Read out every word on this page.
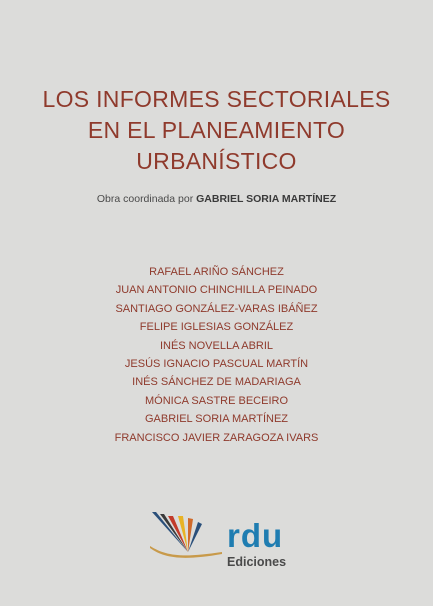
LOS INFORMES SECTORIALES
EN EL PLANEAMIENTO
URBANÍSTICO
Obra coordinada por GABRIEL SORIA MARTÍNEZ
RAFAEL ARIÑO SÁNCHEZ
JUAN ANTONIO CHINCHILLA PEINADO
SANTIAGO GONZÁLEZ-VARAS IBÁÑEZ
FELIPE IGLESIAS GONZÁLEZ
INÉS NOVELLA ABRIL
JESÚS IGNACIO PASCUAL MARTÍN
INÉS SÁNCHEZ DE MADARIAGA
MÓNICA SASTRE BECEIRO
GABRIEL SORIA MARTÍNEZ
FRANCISCO JAVIER ZARAGOZA IVARS
rdu
Ediciones
